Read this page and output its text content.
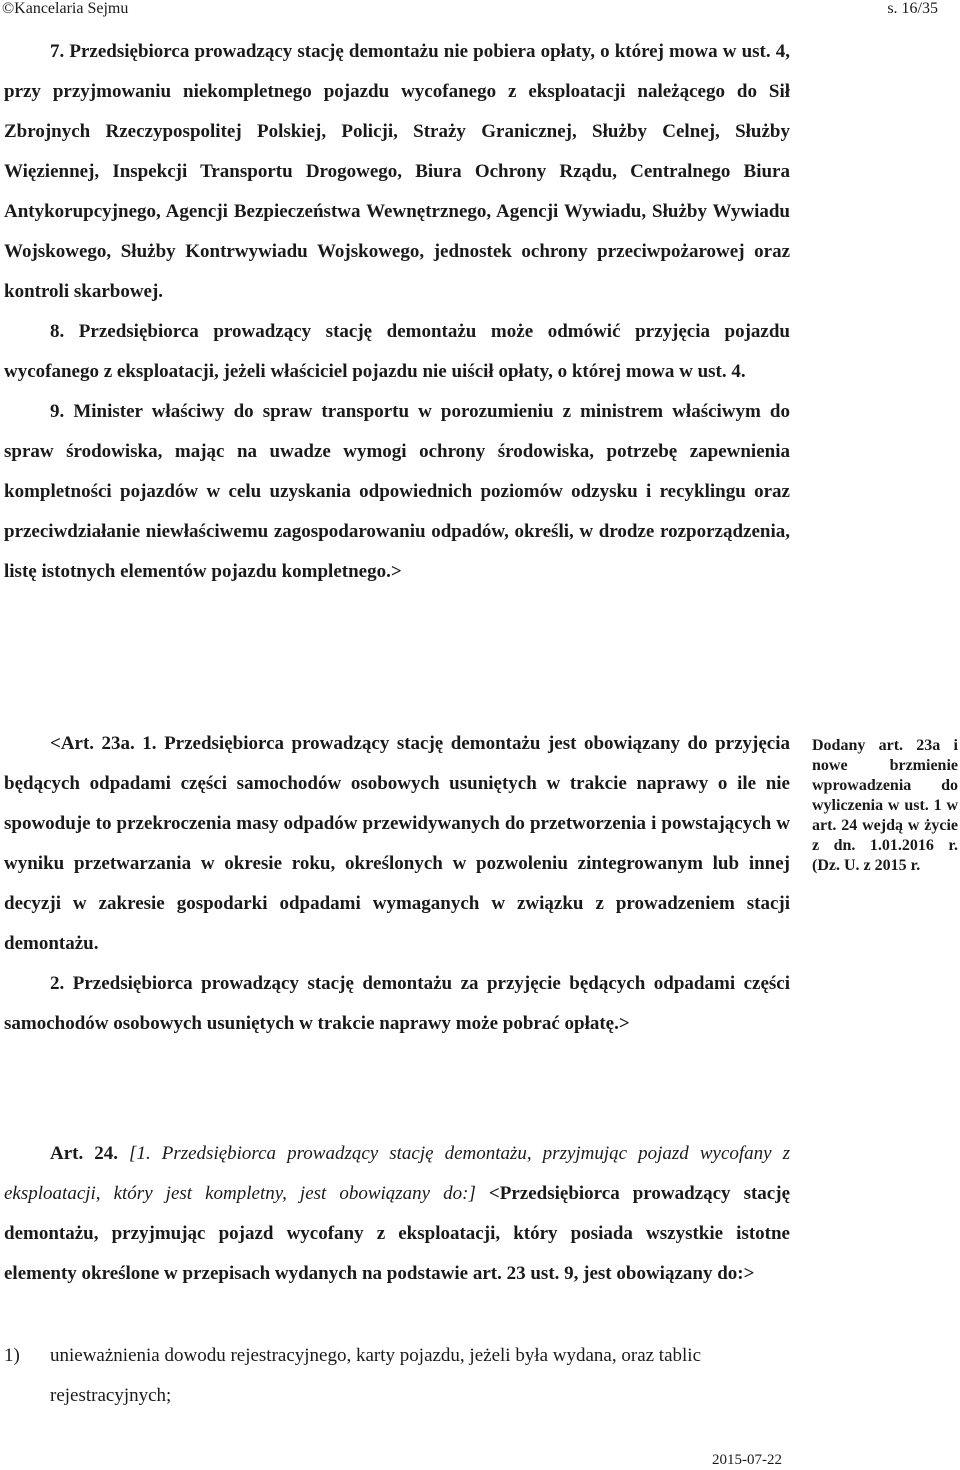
©Kancelaria Sejmu	s. 16/35

7. Przedsiębiorca prowadzący stację demontażu nie pobiera opłaty, o której mowa w ust. 4, przy przyjmowaniu niekompletnego pojazdu wycofanego z eksploatacji należącego do Sił Zbrojnych Rzeczypospolitej Polskiej, Policji, Straży Granicznej, Służby Celnej, Służby Więziennej, Inspekcji Transportu Drogowego, Biura Ochrony Rządu, Centralnego Biura Antykorupcyjnego, Agencji Bezpieczeństwa Wewnętrznego, Agencji Wywiadu, Służby Wywiadu Wojskowego, Służby Kontrwywiadu Wojskowego, jednostek ochrony przeciwpożarowej oraz kontroli skarbowej.

8. Przedsiębiorca prowadzący stację demontażu może odmówić przyjęcia pojazdu wycofanego z eksploatacji, jeżeli właściciel pojazdu nie uiścił opłaty, o której mowa w ust. 4.

9. Minister właściwy do spraw transportu w porozumieniu z ministrem właściwym do spraw środowiska, mając na uwadze wymogi ochrony środowiska, potrzebę zapewnienia kompletności pojazdów w celu uzyskania odpowiednich poziomów odzysku i recyklingu oraz przeciwdziałanie niewłaściwemu zagospodarowaniu odpadów, określi, w drodze rozporządzenia, listę istotnych elementów pojazdu kompletnego.>

<Art. 23a. 1. Przedsiębiorca prowadzący stację demontażu jest obowiązany do przyjęcia będących odpadami części samochodów osobowych usuniętych w trakcie naprawy o ile nie spowoduje to przekroczenia masy odpadów przewidywanych do przetworzenia i powstających w wyniku przetwarzania w okresie roku, określonych w pozwoleniu zintegrowanym lub innej decyzji w zakresie gospodarki odpadami wymaganych w związku z prowadzeniem stacji demontażu.

2. Przedsiębiorca prowadzący stację demontażu za przyjęcie będących odpadami części samochodów osobowych usuniętych w trakcie naprawy może pobrać opłatę.>

Dodany art. 23a i nowe brzmienie wprowadzenia do wyliczenia w ust. 1 w art. 24 wejdą w życie z dn. 1.01.2016 r. (Dz. U. z 2015 r.

Art. 24. [1. Przedsiębiorca prowadzący stację demontażu, przyjmując pojazd wycofany z eksploatacji, który jest kompletny, jest obowiązany do:] <Przedsiębiorca prowadzący stację demontażu, przyjmując pojazd wycofany z eksploatacji, który posiada wszystkie istotne elementy określone w przepisach wydanych na podstawie art. 23 ust. 9, jest obowiązany do:>

1) unieważnienia dowodu rejestracyjnego, karty pojazdu, jeżeli była wydana, oraz tablic rejestracyjnych;
2015-07-22
